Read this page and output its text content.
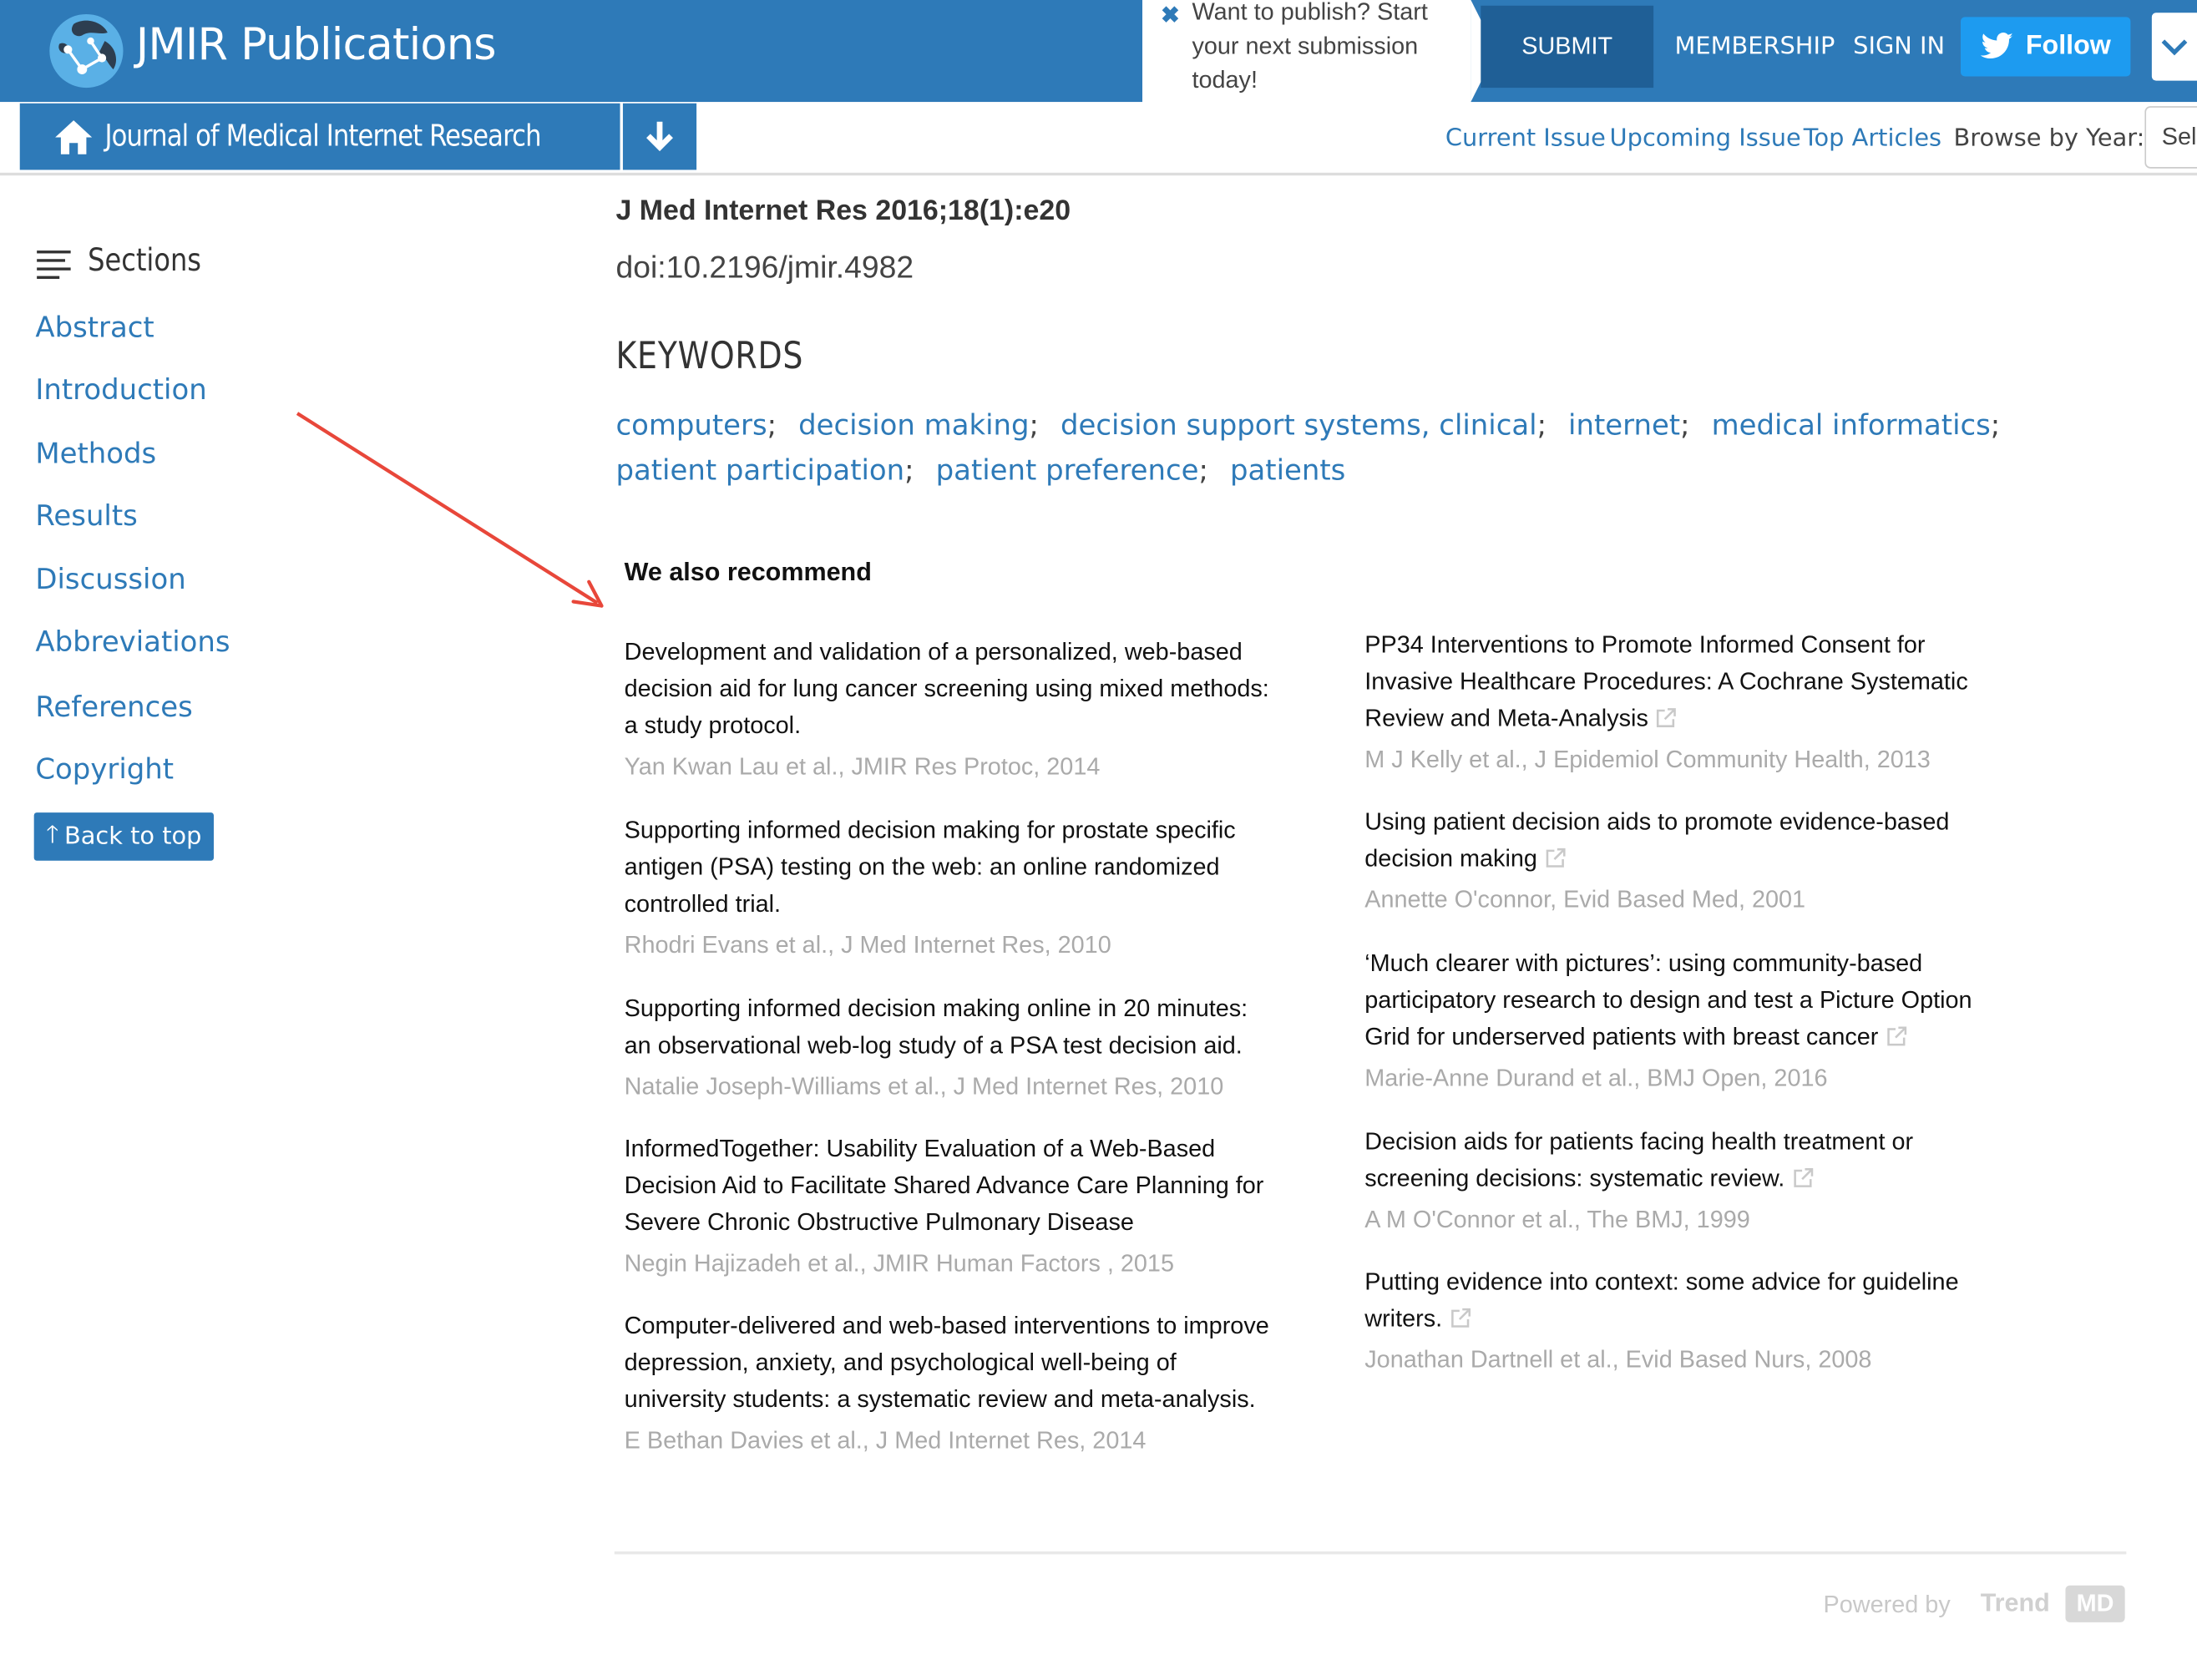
JMIR Publications
✖ Want to publish? Start your next submission today!
SUBMIT	MEMBERSHIP SIGN IN	Follow
Journal of Medical Internet Research	Current Issue Upcoming Issue Top Articles Browse by Year:	Sel
Sections
Abstract
Introduction
Methods
Results
Discussion
Abbreviations
References
Copyright
🡑 Back to top
J Med Internet Res 2016;18(1):e20
doi:10.2196/jmir.4982
KEYWORDS
computers; decision making; decision support systems, clinical; internet; medical informatics; patient participation; patient preference; patients
We also recommend
Development and validation of a personalized, web-based decision aid for lung cancer screening using mixed methods: a study protocol.
Yan Kwan Lau et al., JMIR Res Protoc, 2014
Supporting informed decision making for prostate specific antigen (PSA) testing on the web: an online randomized controlled trial.
Rhodri Evans et al., J Med Internet Res, 2010
Supporting informed decision making online in 20 minutes: an observational web-log study of a PSA test decision aid.
Natalie Joseph-Williams et al., J Med Internet Res, 2010
InformedTogether: Usability Evaluation of a Web-Based Decision Aid to Facilitate Shared Advance Care Planning for Severe Chronic Obstructive Pulmonary Disease
Negin Hajizadeh et al., JMIR Human Factors , 2015
Computer-delivered and web-based interventions to improve depression, anxiety, and psychological well-being of university students: a systematic review and meta-analysis.
E Bethan Davies et al., J Med Internet Res, 2014
PP34 Interventions to Promote Informed Consent for Invasive Healthcare Procedures: A Cochrane Systematic Review and Meta-Analysis
M J Kelly et al., J Epidemiol Community Health, 2013
Using patient decision aids to promote evidence-based decision making
Annette O'connor, Evid Based Med, 2001
‘Much clearer with pictures’: using community-based participatory research to design and test a Picture Option Grid for underserved patients with breast cancer
Marie-Anne Durand et al., BMJ Open, 2016
Decision aids for patients facing health treatment or screening decisions: systematic review.
A M O'Connor et al., The BMJ, 1999
Putting evidence into context: some advice for guideline writers.
Jonathan Dartnell et al., Evid Based Nurs, 2008
Powered by Trend	MD
